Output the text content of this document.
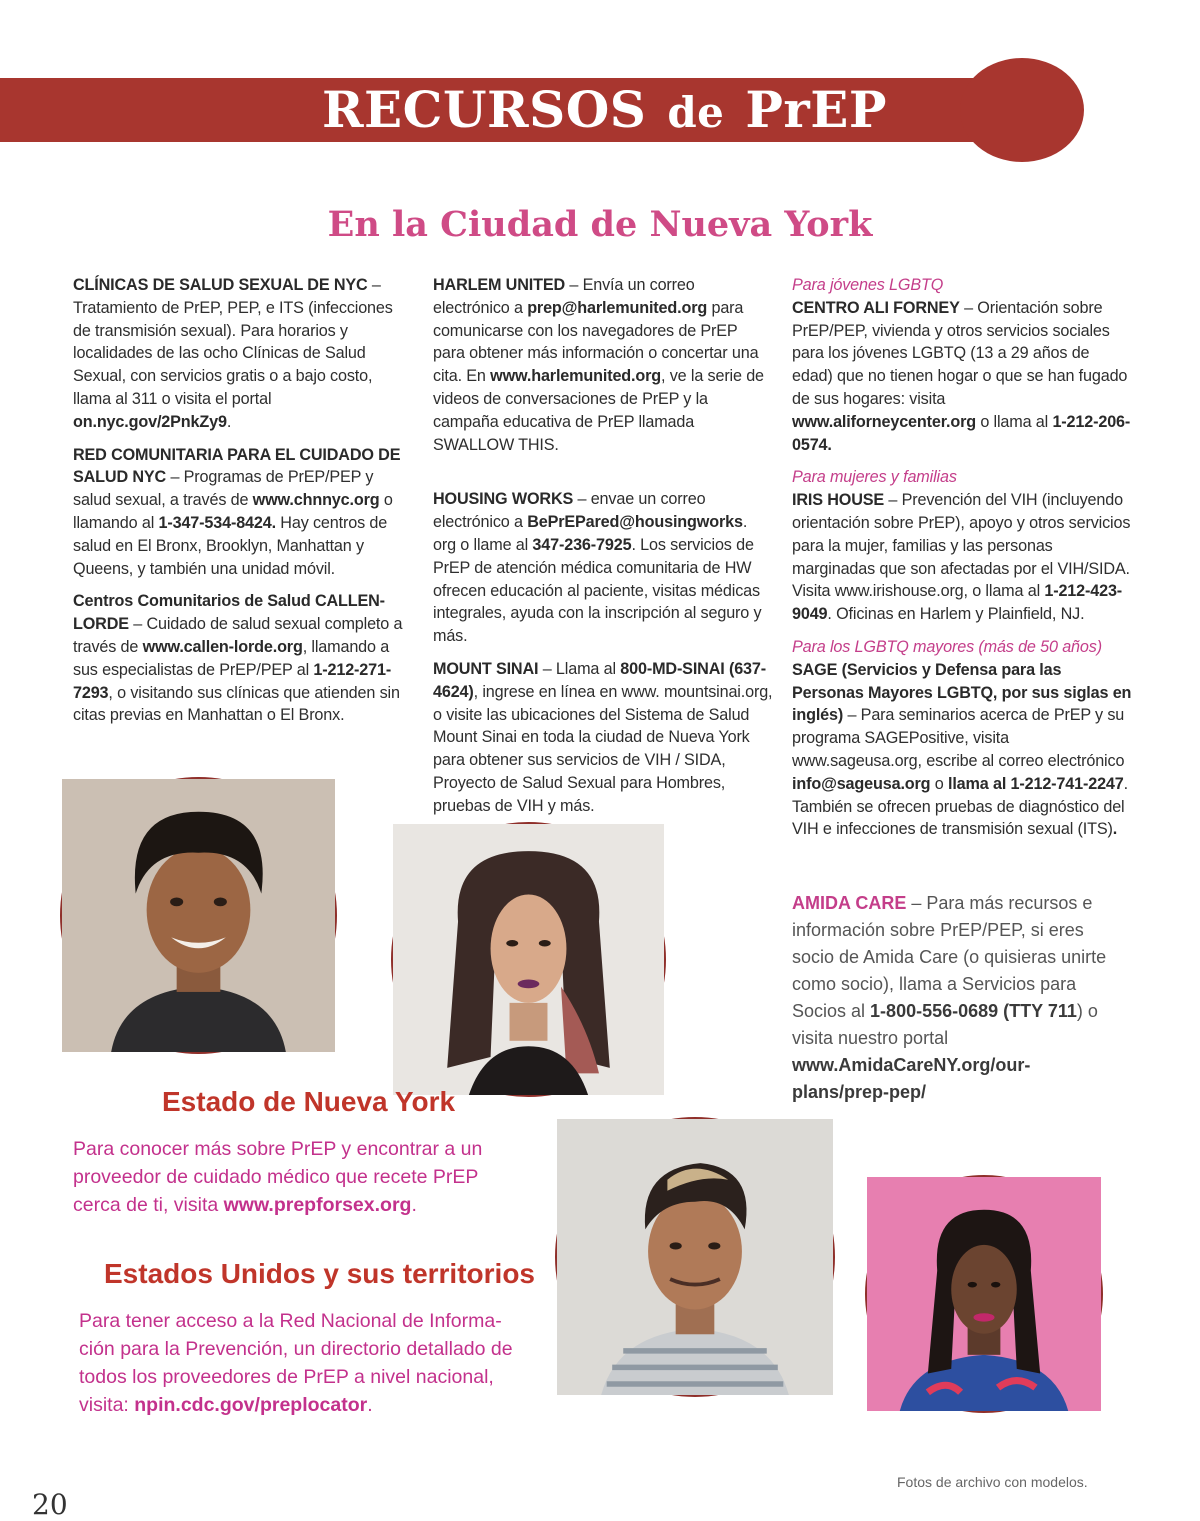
RECURSOS de PrEP
En la Ciudad de Nueva York

CLÍNICAS DE SALUD SEXUAL DE NYC – Tratamiento de PrEP, PEP, e ITS (infecciones de transmisión sexual). Para horarios y localidades de las ocho Clínicas de Salud Sexual, con servicios gratis o a bajo costo, llama al 311 o visita el portal on.nyc.gov/2PnkZy9.

RED COMUNITARIA PARA EL CUIDADO DE SALUD NYC – Programas de PrEP/PEP y salud sexual, a través de www.chnnyc.org o llamando al 1-347-534-8424. Hay centros de salud en El Bronx, Brooklyn, Manhattan y Queens, y también una unidad móvil.

Centros Comunitarios de Salud CALLEN-LORDE – Cuidado de salud sexual completo a través de www.callen-lorde.org, llamando a sus especialistas de PrEP/PEP al 1-212-271-7293, o visitando sus clínicas que atienden sin citas previas en Manhattan o El Bronx.

HARLEM UNITED – Envía un correo electrónico a prep@harlemunited.org para comunicarse con los navegadores de PrEP para obtener más información o concertar una cita. En www.harlemunited.org, ve la serie de videos de conversaciones de PrEP y la campaña educativa de PrEP llamada SWALLOW THIS.

HOUSING WORKS – envae un correo electrónico a BePrEPared@housingworks. org o llame al 347-236-7925. Los servicios de PrEP de atención médica comunitaria de HW ofrecen educación al paciente, visitas médicas integrales, ayuda con la inscripción al seguro y más.

MOUNT SINAI – Llama al 800-MD-SINAI (637-4624), ingrese en línea en www. mountsinai.org, o visite las ubicaciones del Sistema de Salud Mount Sinai en toda la ciudad de Nueva York para obtener sus servicios de VIH / SIDA, Proyecto de Salud Sexual para Hombres, pruebas de VIH y más.

Para jóvenes LGBTQ
CENTRO ALI FORNEY – Orientación sobre PrEP/PEP, vivienda y otros servicios sociales para los jóvenes LGBTQ (13 a 29 años de edad) que no tienen hogar o que se han fugado de sus hogares: visita www.aliforneycenter.org o llama al 1-212-206-0574.

Para mujeres y familias
IRIS HOUSE – Prevención del VIH (incluyendo orientación sobre PrEP), apoyo y otros servicios para la mujer, familias y las personas marginadas que son afectadas por el VIH/SIDA. Visita www.irishouse.org, o llama al 1-212-423-9049. Oficinas en Harlem y Plainfield, NJ.

Para los LGBTQ mayores (más de 50 años)
SAGE (Servicios y Defensa para las Personas Mayores LGBTQ, por sus siglas en inglés) – Para seminarios acerca de PrEP y su programa SAGEPositive, visita www.sageusa.org, escribe al correo electrónico info@sageusa.org o llama al 1-212-741-2247. También se ofrecen pruebas de diagnóstico del VIH e infecciones de transmisión sexual (ITS).

AMIDA CARE – Para más recursos e información sobre PrEP/PEP, si eres socio de Amida Care (o quisieras unirte como socio), llama a Servicios para Socios al 1-800-556-0689 (TTY 711) o visita nuestro portal www.AmidaCareNY.org/our-plans/prep-pep/
Estado de Nueva York
Para conocer más sobre PrEP y encontrar a un proveedor de cuidado médico que recete PrEP cerca de ti, visita www.prepforsex.org.
Estados Unidos y sus territorios
Para tener acceso a la Red Nacional de Informa-ción para la Prevención, un directorio detallado de todos los proveedores de PrEP a nivel nacional, visita: npin.cdc.gov/preplocator.
20
Fotos de archivo con modelos.
